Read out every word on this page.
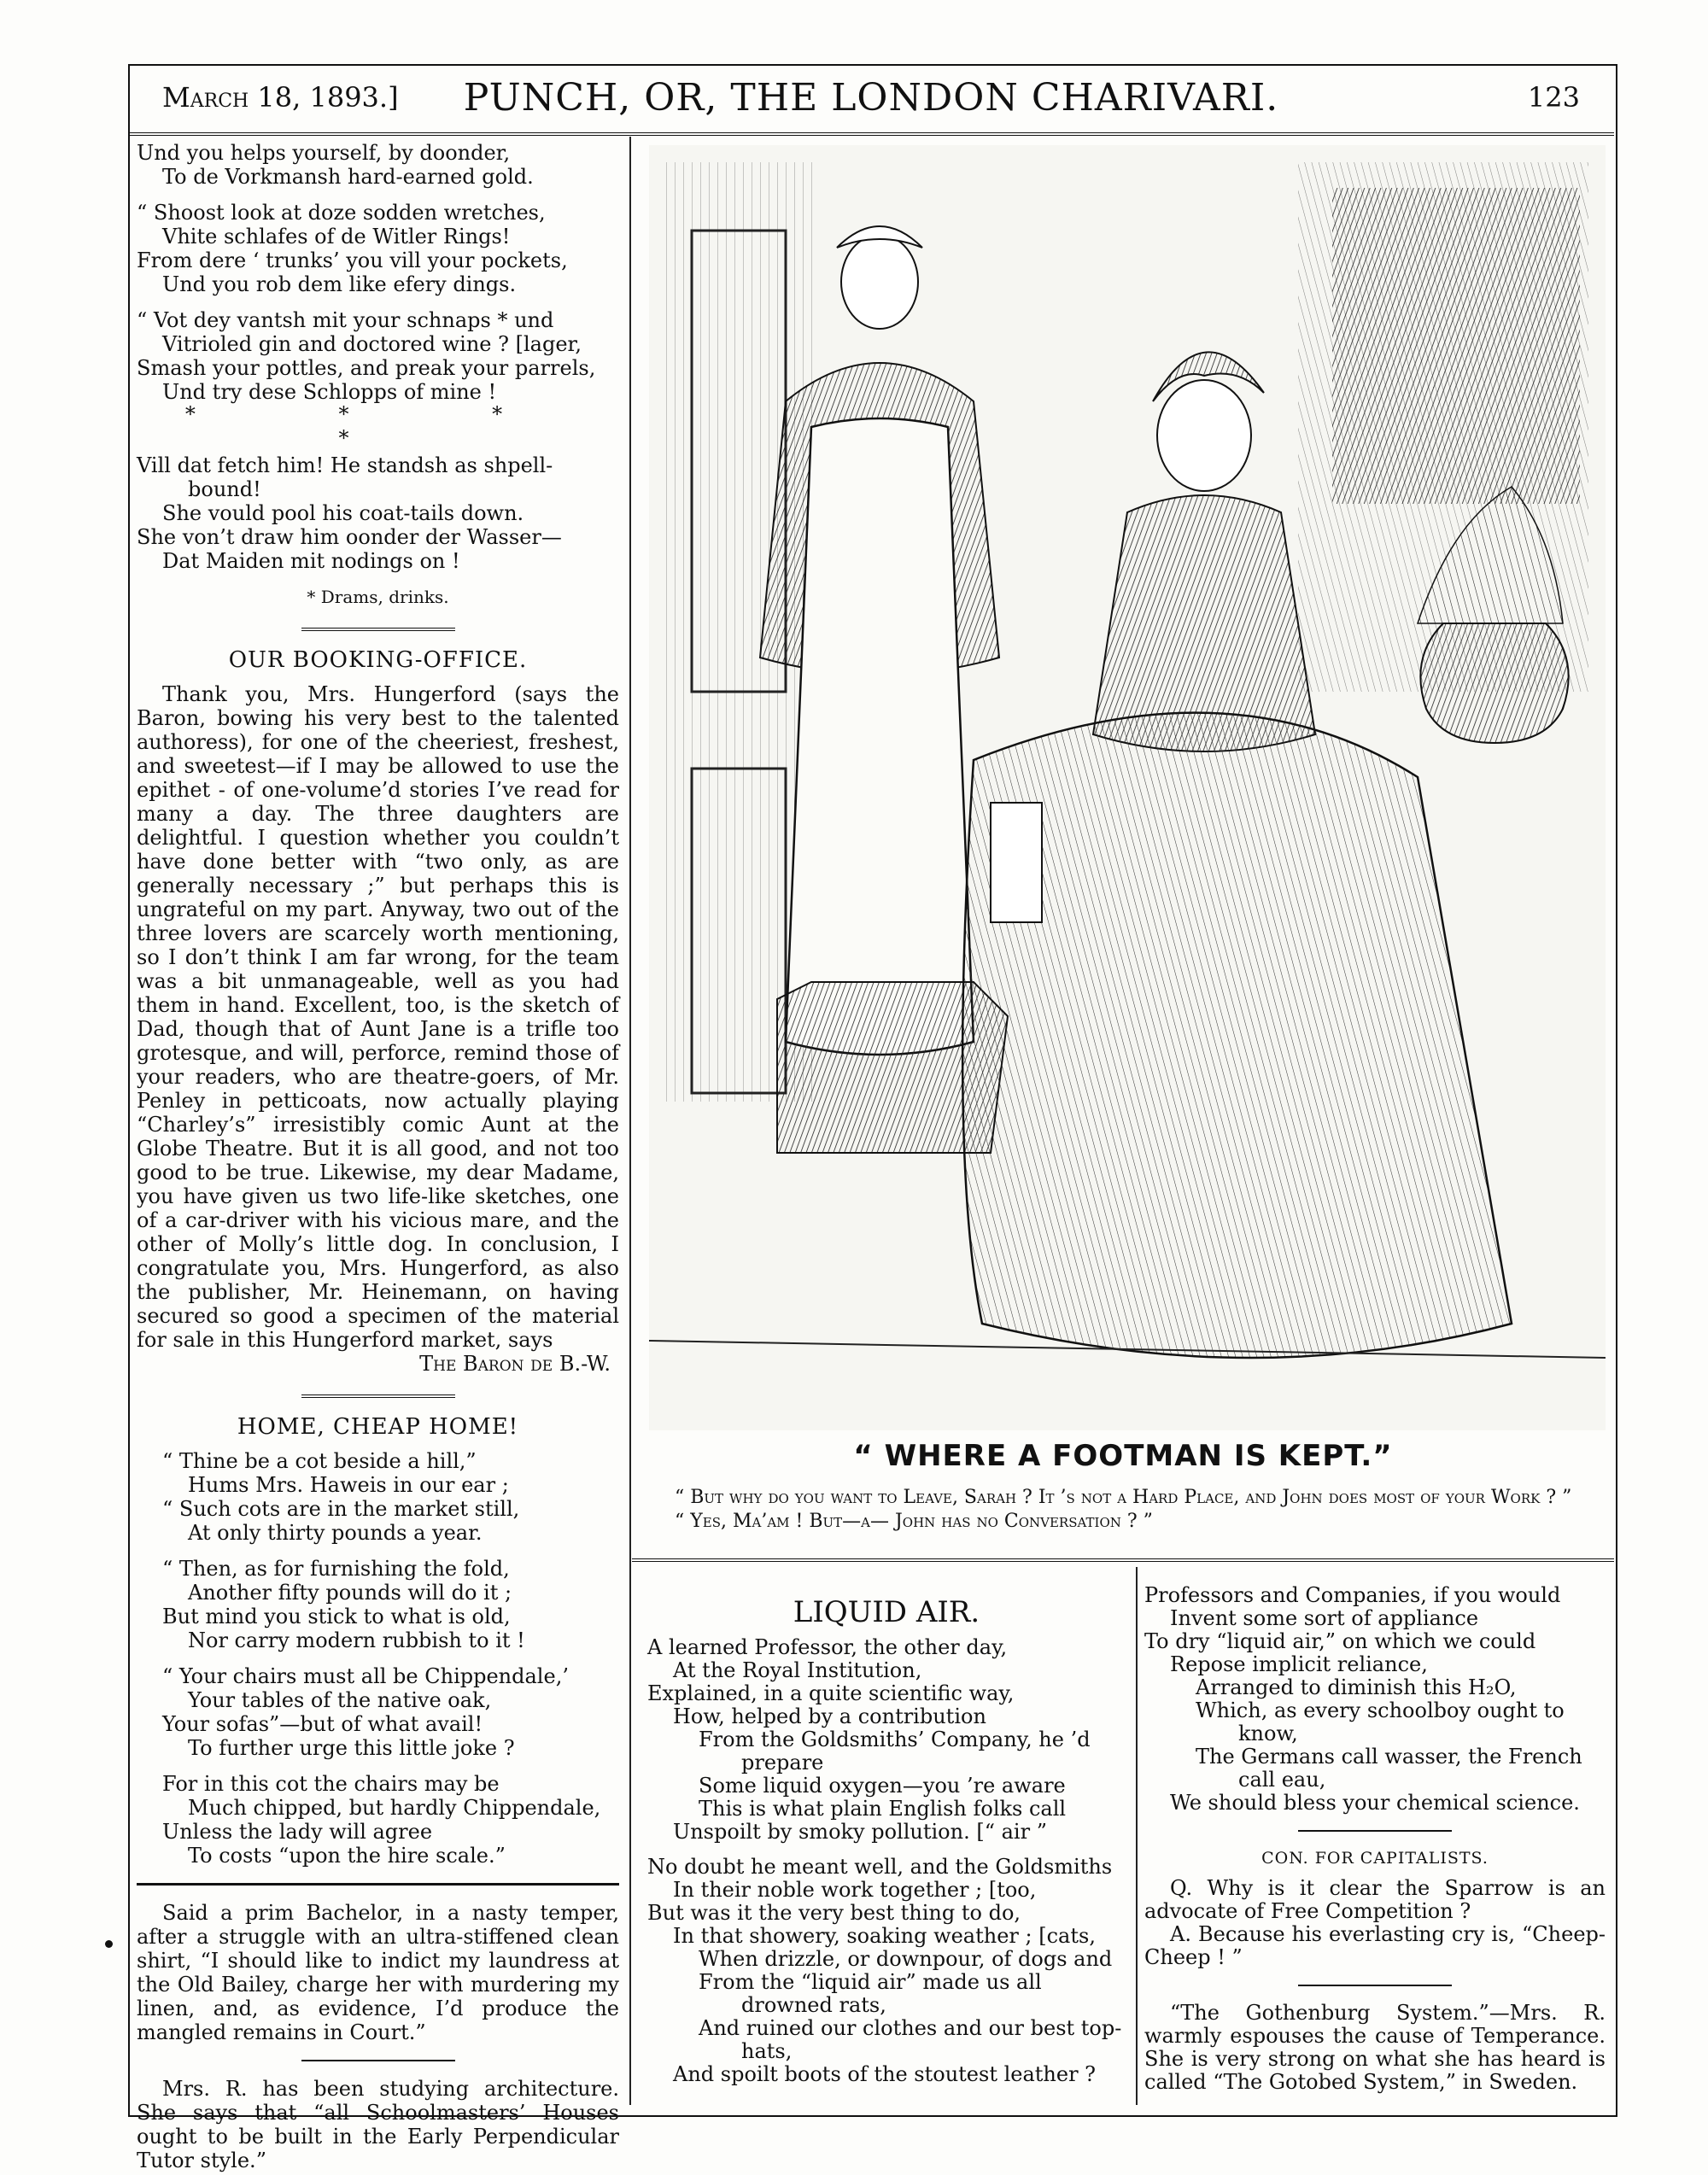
March 18, 1893.]	PUNCH, OR, THE LONDON CHARIVARI.	123

Und you helps yourself, by doonder,

To de Vorkmansh hard-earned gold.

“ Shoost look at doze sodden wretches,

Vhite schlafes of de Witler Rings!

From dere ‘ trunks’ you vill your pockets,

Und you rob dem like efery dings.

“ Vot dey vantsh mit your schnaps * und

Vitrioled gin and doctored wine ? [lager,

Smash your pottles, and preak your parrels,

Und try dese Schlopps of mine !

* * * *

Vill dat fetch him! He standsh as shpell-

bound!

She vould pool his coat-tails down.

She von’t draw him oonder der Wasser—

Dat Maiden mit nodings on !

* Drams, drinks.
OUR BOOKING-OFFICE.

Thank you, Mrs. Hungerford (says the Baron, bowing his very best to the talented authoress), for one of the cheeriest, freshest, and sweetest—if I may be allowed to use the epithet - of one-volume’d stories I’ve read for many a day. The three daughters are delightful. I question whether you couldn’t have done better with “two only, as are generally necessary ;” but perhaps this is ungrateful on my part. Anyway, two out of the three lovers are scarcely worth mentioning, so I don’t think I am far wrong, for the team was a bit unmanageable, well as you had them in hand. Excellent, too, is the sketch of Dad, though that of Aunt Jane is a trifle too grotesque, and will, perforce, remind those of your readers, who are theatre-goers, of Mr. Penley in petticoats, now actually playing “Charley’s” irresistibly comic Aunt at the Globe Theatre. But it is all good, and not too good to be true. Likewise, my dear Madame, you have given us two life-like sketches, one of a car-driver with his vicious mare, and the other of Molly’s little dog. In conclusion, I congratulate you, Mrs. Hungerford, as also the publisher, Mr. Heinemann, on having secured so good a specimen of the material for sale in this Hungerford market, says

The Baron de B.-W.

HOME, CHEAP HOME!

“ Thine be a cot beside a hill,”

Hums Mrs. Haweis in our ear ;

“ Such cots are in the market still,

At only thirty pounds a year.

“ Then, as for furnishing the fold,

Another fifty pounds will do it ;

But mind you stick to what is old,

Nor carry modern rubbish to it !

“ Your chairs must all be Chippendale,’

Your tables of the native oak,

Your sofas”—but of what avail!

To further urge this little joke ?

For in this cot the chairs may be

Much chipped, but hardly Chippendale,

Unless the lady will agree

To costs “upon the hire scale.”

Said a prim Bachelor, in a nasty temper, after a struggle with an ultra-stiffened clean shirt, “I should like to indict my laundress at the Old Bailey, charge her with murdering my linen, and, as evidence, I’d produce the mangled remains in Court.”

Mrs. R. has been studying architecture. She says that “all Schoolmasters’ Houses ought to be built in the Early Perpendicular Tutor style.”

“ WHERE A FOOTMAN IS KEPT.”

“ But why do you want to Leave, Sarah ? It ’s not a Hard Place, and John does most of your Work ? ”

“ Yes, Ma’am ! But—a— John has no Conversation ? ”

LIQUID AIR.

A learned Professor, the other day,

At the Royal Institution,

Explained, in a quite scientific way,

How, helped by a contribution

From the Goldsmiths’ Company, he ’d

prepare

Some liquid oxygen—you ’re aware

This is what plain English folks call

Unspoilt by smoky pollution. [“ air ”

No doubt he meant well, and the Goldsmiths

In their noble work together ; [too,

But was it the very best thing to do,

In that showery, soaking weather ; [cats,

When drizzle, or downpour, of dogs and

From the “liquid air” made us all

drowned rats,

And ruined our clothes and our best top-

hats,

And spoilt boots of the stoutest leather ?

Professors and Companies, if you would

Invent some sort of appliance

To dry “liquid air,” on which we could

Repose implicit reliance,

Arranged to diminish this H₂O,

Which, as every schoolboy ought to

know,

The Germans call wasser, the French

call eau,

We should bless your chemical science.

CON. FOR CAPITALISTS.

Q. Why is it clear the Sparrow is an advocate of Free Competition ?

A. Because his everlasting cry is, “Cheep-Cheep ! ”

“The Gothenburg System.”—Mrs. R. warmly espouses the cause of Temperance. She is very strong on what she has heard is called “The Gotobed System,” in Sweden.
